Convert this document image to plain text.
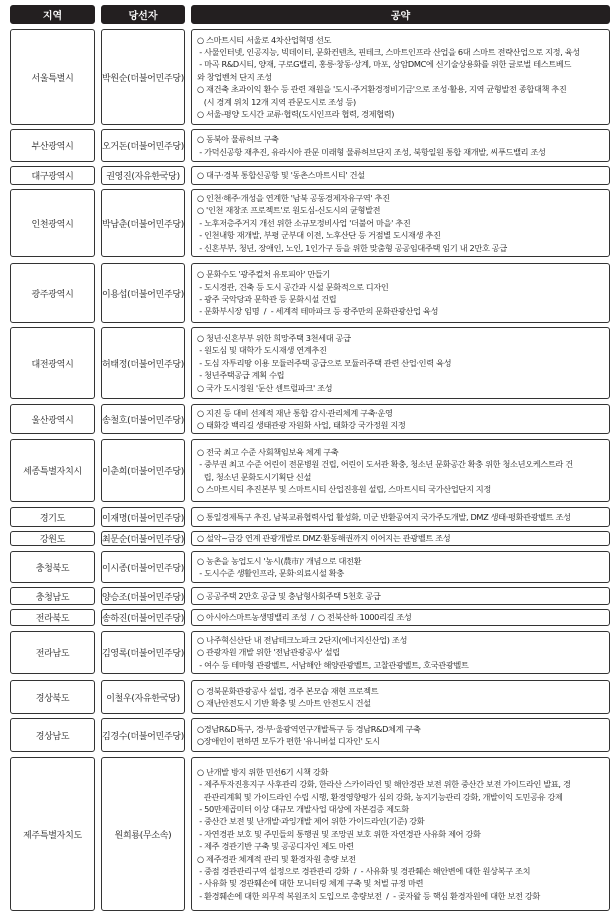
지역	당선자	공약
서울특별시	박원순(더불어민주당)
○ 스마트시티 서울로 4차산업혁명 선도
- 사물인터넷, 인공지능, 빅데이터, 문화컨텐츠, 핀테크, 스마트인프라 산업을 6대 스마트 전략산업으로 지정, 육성
- 마곡 R&D시티, 양재, 구로G밸리, 홍릉·창동·상계, 마포, 상암DMC에 신기술상용화를 위한 글로벌 테스트베드
와 창업벤처 단지 조성
○ 재건축 초과이익 환수 등 관련 재원을 '도시·주거환경정비기금'으로 조성·활용, 지역 균형발전 종합대책 추진
(시 경계 위치 12개 지역 관문도시로 조성 등)
○ 서울-평양 도시간 교류·협력(도시인프라 협력, 경제협력)
부산광역시	오거돈(더불어민주당)
○ 동북아 물류허브 구축
- 가덕신공항 재추진, 유라시아 관문 미래형 물류허브단지 조성, 북항일원 통합 재개발, 씨푸드밸리 조성
대구광역시	권영진(자유한국당)	○ 대구·경북 통합신공항 및 '동촌스마트시티' 건설
인천광역시	박남춘(더불어민주당)
○ 인천·해주·개성을 연계한 '남북 공동경제자유구역' 추진
○ '인천 재창조 프로젝트'로 원도심-신도시의 균형발전
- 노후저층주거지 개선 위한 소규모정비사업 '더불어 마을' 추진
- 인천내항 재개발, 부평 군부대 이전, 노후산단 등 거점별 도시재생 추진
- 신혼부부, 청년, 장애인, 노인, 1인가구 등을 위한 맞춤형 공공임대주택 임기 내 2만호 공급
광주광역시	이용섭(더불어민주당)
○ 문화수도 '광주컬처 유토피아' 만들기
- 도시경관, 건축 등 도시 공간과 시설 문화적으로 디자인
- 광주 국악당과 문학관 등 문화시설 건립
- 문화부시장 임명  /  - 세계적 테마파크 등 광주만의 문화관광산업 육성
대전광역시	허태정(더불어민주당)
○ 청년·신혼부부 위한 희망주택 3천세대 공급
- 원도심 및 대학가 도시재생 연계추진
- 도심 자투리땅 이용 모듈러주택 공급으로 모듈러주택 관련 산업·인력 육성
- 청년주택공급 계획 수립
○ 국가 도시정원 '둔산 센트럴파크' 조성
울산광역시	송철호(더불어민주당)
○ 지진 등 대비 선제적 재난 통합 감시·관리체계 구축·운영
○ 태화강 백리길 생태관광 자원화 사업, 태화강 국가정원 지정
세종특별자치시	이춘희(더불어민주당)
○ 전국 최고 수준 사회책임보육 체계 구축
- 중부권 최고 수준 어린이 전문병원 건립, 어린이 도서관 확충, 청소년 문화공간 확충 위한 청소년오케스트라 건
립, 청소년 문화도시기획단 신설
○ 스마트시티 추진본부 및 스마트시티 산업진흥원 설립, 스마트시티 국가산업단지 지정
경기도	이재명(더불어민주당) ○ 통일경제특구 추진, 남북교류협력사업 활성화, 미군 반환공여지 국가주도개발, DMZ 생태·평화관광벨트 조성
강원도	최문순(더불어민주당) ○ 설악~금강 연계 관광개발로 DMZ·환동해권까지 이어지는 관광벨트 조성
충청북도	이시종(더불어민주당)
○ 농촌을 농업도시 '농시(農市)' 개념으로 대전환
- 도시수준 생활인프라, 문화·의료시설 확충
충청남도	양승조(더불어민주당) ○ 공공주택 2만호 공급 및 충남형사회주택 5천호 공급
전라북도	송하진(더불어민주당) ○ 아시아스마트농생명밸리 조성  /  ○ 전북산하 1000리길 조성
전라남도	김영록(더불어민주당)
○ 나주혁신산단 내 전남테크노파크 2단지(에너지신산업) 조성
○ 관광자원 개발 위한 '전남관광공사' 설립
- 여수 등 테마형 관광벨트, 서남해안 해양관광벨트, 고찰관광벨트, 호국관광벨트
경상북도	이철우(자유한국당)
○ 경북문화관광공사 설립, 경주 본모습 재현 프로젝트
○ 재난안전도시 기반 확충 및 스마트 안전도시 건설
경상남도	김경수(더불어민주당)
○경남R&D특구, 경·부·울광역연구개발특구 등 경남R&D체계 구축
○장애인이 편하면 모두가 편한 '유니버설 디자인' 도시
제주특별자치도	원희룡(무소속)
○ 난개발 방지 위한 민선6기 시책 강화
- 제주투자진흥지구 사후관리 강화, 한라산 스카이라인 및 해안경관 보전 위한 중산간 보전 가이드라인 발표, 경
관관리계획 및 가이드라인 수립 시행, 환경영향평가 심의 강화, 농지기능관리 강화, 개발이익 도민공유 강제
- 50만제곱미터 이상 대규모 개발사업 대상에 자본검증 제도화
- 중산간 보전 및 난개발·과잉개발 제어 위한 가이드라인(기준) 강화
- 자연경관 보호 및 주민들의 통행권 및 조망권 보호 위한 자연경관 사유화 제어 강화
- 제주 경관기반 구축 및 공공디자인 제도 마련
○ 제주경관 체계적 관리 및 환경자원 총량 보전
- 중점 경관관리구역 설정으로 경관관리 강화  /  - 사유화 및 경관훼손 해안변에 대한 원상복구 조치
- 사유화 및 경관훼손에 대한 모니터링 체계 구축 및 처벌 규정 마련
- 환경훼손에 대한 의무적 복원조치 도입으로 총량보전  /  - 곶자왈 등 핵심 환경자원에 대한 보전 강화
